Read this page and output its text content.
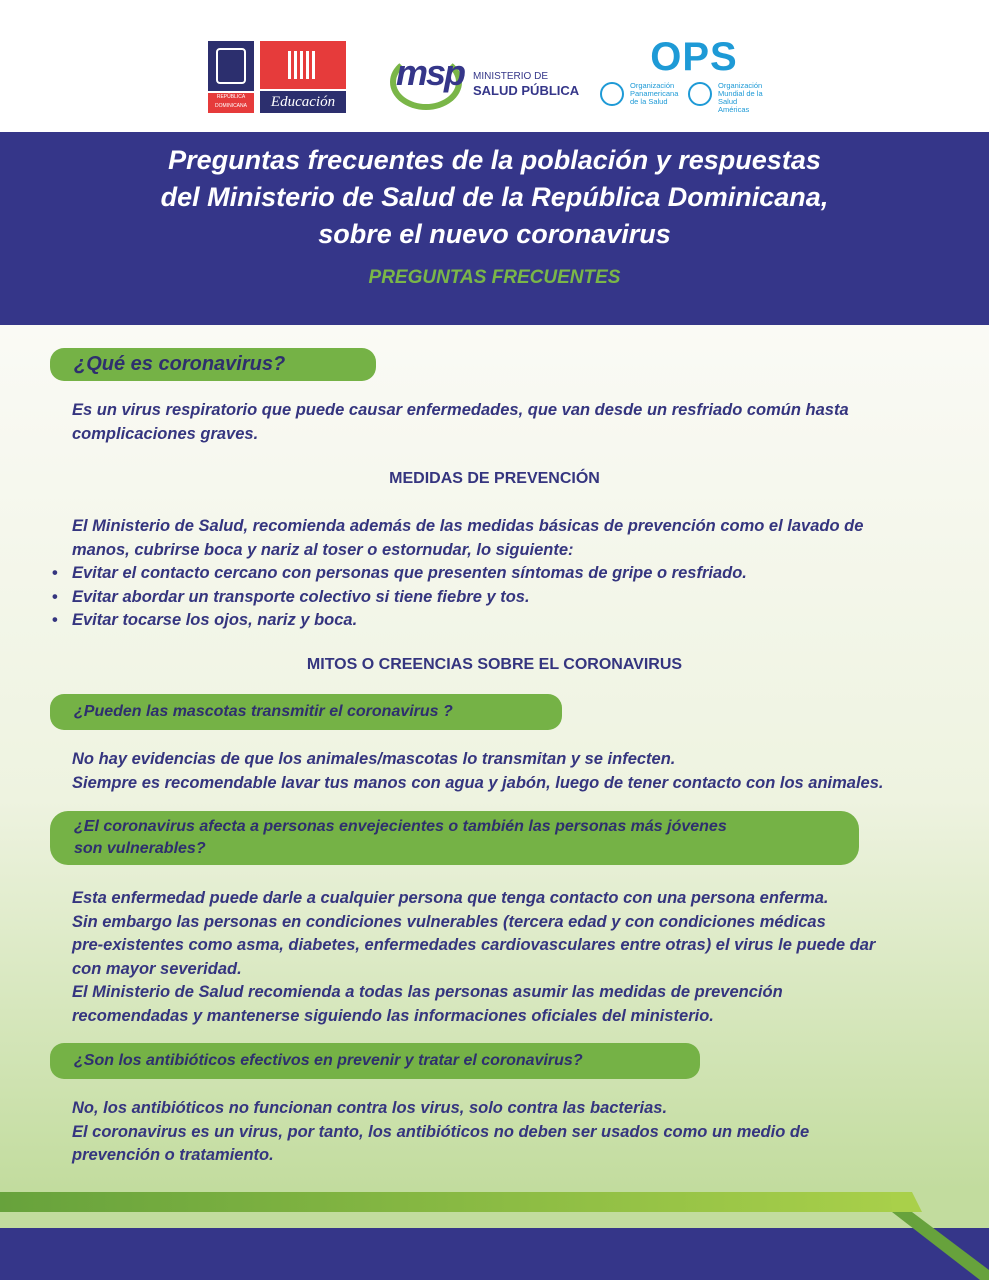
REPÚBLICA DOMINICANA	Educación
msp MINISTERIO DE
SALUD PÚBLICA
OPS
Organización Panamericana de la Salud
Organización Mundial de la Salud
Américas
Preguntas frecuentes de la población y respuestas
del Ministerio de Salud de la República Dominicana,
sobre el nuevo coronavirus
PREGUNTAS FRECUENTES
¿Qué es coronavirus?
Es un virus respiratorio que puede causar enfermedades, que van desde un resfriado común hasta
complicaciones graves.
MEDIDAS DE PREVENCIÓN
El Ministerio de Salud, recomienda además de las medidas básicas de prevención como el lavado de
manos, cubrirse boca y nariz al toser o estornudar, lo siguiente:
• Evitar el contacto cercano con personas que presenten síntomas de gripe o resfriado.
• Evitar abordar un transporte colectivo si tiene fiebre y tos.
• Evitar tocarse los ojos, nariz y boca.
MITOS O CREENCIAS SOBRE EL CORONAVIRUS
¿Pueden las mascotas transmitir el coronavirus ?
No hay evidencias de que los animales/mascotas lo transmitan y se infecten.
Siempre es recomendable lavar tus manos con agua y jabón, luego de tener contacto con los animales.
¿El coronavirus afecta a personas envejecientes o también las personas más jóvenes
son vulnerables?
Esta enfermedad puede darle a cualquier persona que tenga contacto con una persona enferma.
Sin embargo las personas en condiciones vulnerables (tercera edad y con condiciones médicas
pre-existentes como asma, diabetes, enfermedades cardiovasculares entre otras) el virus le puede dar
con mayor severidad.
El Ministerio de Salud recomienda a todas las personas asumir las medidas de prevención
recomendadas y mantenerse siguiendo las informaciones oficiales del ministerio.
¿Son los antibióticos efectivos en prevenir y tratar el coronavirus?
No, los antibióticos no funcionan contra los virus, solo contra las bacterias.
El coronavirus es un virus, por tanto, los antibióticos no deben ser usados como un medio de
prevención o tratamiento.
